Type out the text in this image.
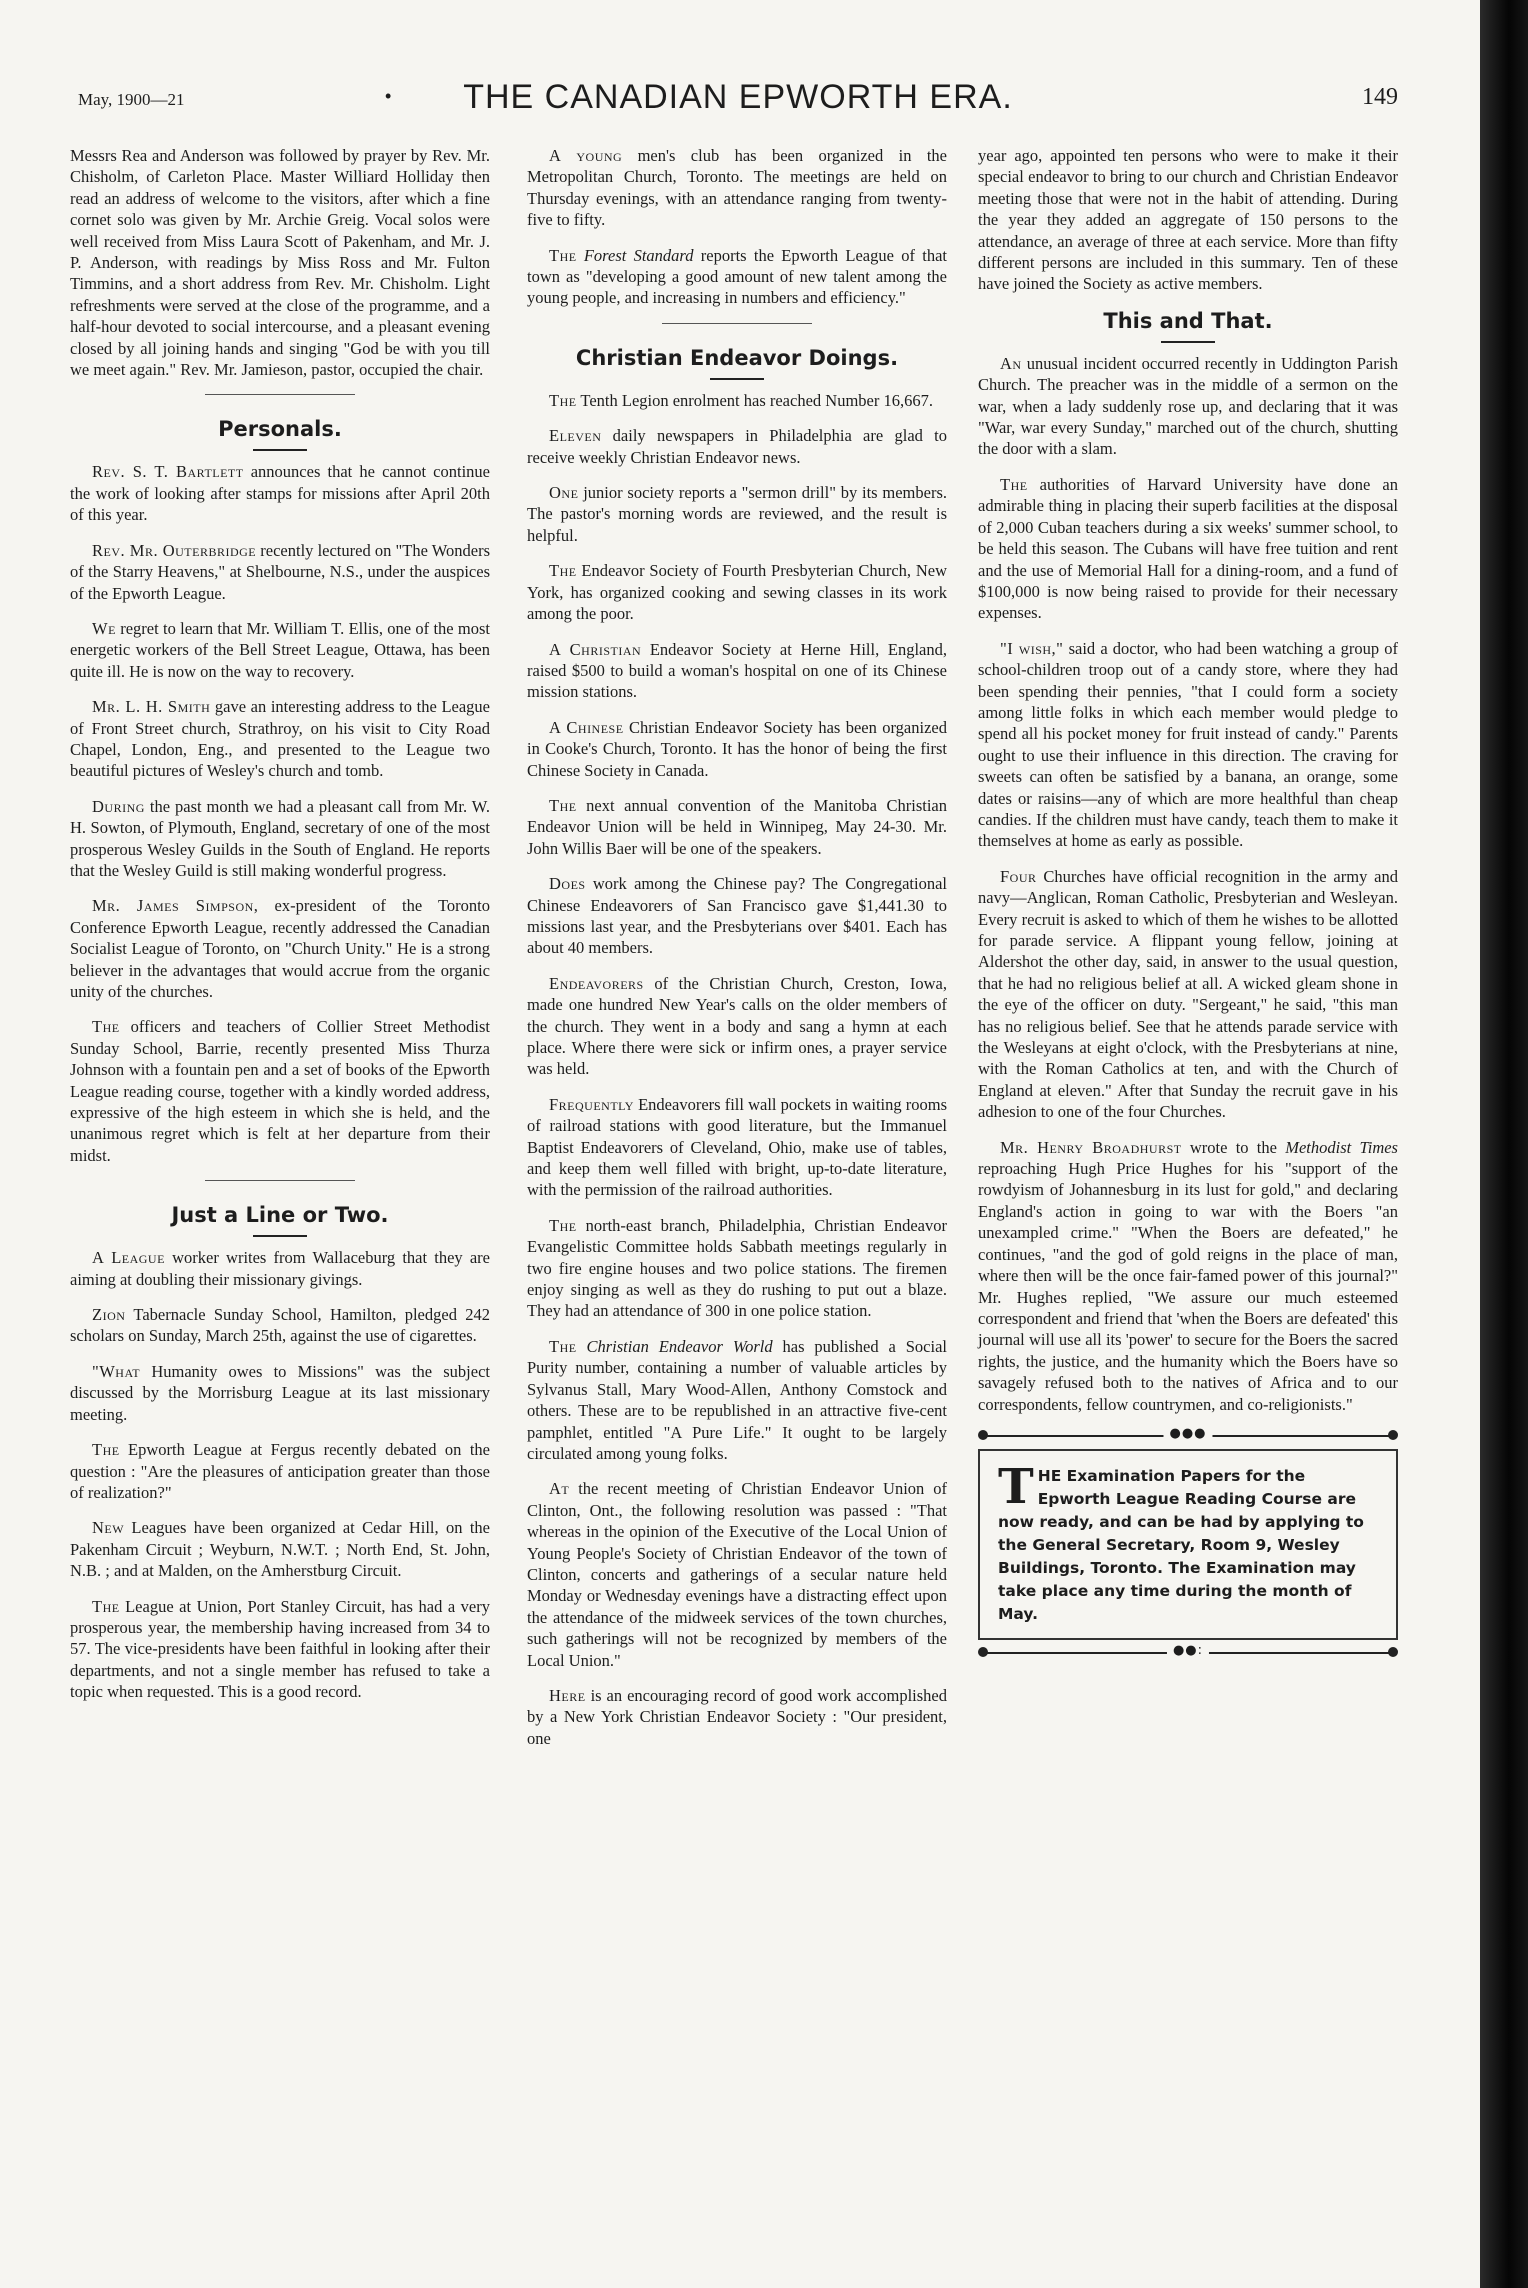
May, 1900—21	•	THE CANADIAN EPWORTH ERA.	149

Messrs Rea and Anderson was followed by prayer by Rev. Mr. Chisholm, of Carleton Place. Master Williard Holliday then read an address of welcome to the visitors, after which a fine cornet solo was given by Mr. Archie Greig. Vocal solos were well received from Miss Laura Scott of Pakenham, and Mr. J. P. Anderson, with readings by Miss Ross and Mr. Fulton Timmins, and a short address from Rev. Mr. Chisholm. Light refreshments were served at the close of the programme, and a half-hour devoted to social intercourse, and a pleasant evening closed by all joining hands and singing "God be with you till we meet again." Rev. Mr. Jamieson, pastor, occupied the chair.

Personals.

Rev. S. T. Bartlett announces that he cannot continue the work of looking after stamps for missions after April 20th of this year.

Rev. Mr. Outerbridge recently lectured on "The Wonders of the Starry Heavens," at Shelbourne, N.S., under the auspices of the Epworth League.

We regret to learn that Mr. William T. Ellis, one of the most energetic workers of the Bell Street League, Ottawa, has been quite ill. He is now on the way to recovery.

Mr. L. H. Smith gave an interesting address to the League of Front Street church, Strathroy, on his visit to City Road Chapel, London, Eng., and presented to the League two beautiful pictures of Wesley's church and tomb.

During the past month we had a pleasant call from Mr. W. H. Sowton, of Plymouth, England, secretary of one of the most prosperous Wesley Guilds in the South of England. He reports that the Wesley Guild is still making wonderful progress.

Mr. James Simpson, ex-president of the Toronto Conference Epworth League, recently addressed the Canadian Socialist League of Toronto, on "Church Unity." He is a strong believer in the advantages that would accrue from the organic unity of the churches.

The officers and teachers of Collier Street Methodist Sunday School, Barrie, recently presented Miss Thurza Johnson with a fountain pen and a set of books of the Epworth League reading course, together with a kindly worded address, expressive of the high esteem in which she is held, and the unanimous regret which is felt at her departure from their midst.

Just a Line or Two.

A League worker writes from Wallaceburg that they are aiming at doubling their missionary givings.

Zion Tabernacle Sunday School, Hamilton, pledged 242 scholars on Sunday, March 25th, against the use of cigarettes.

"What Humanity owes to Missions" was the subject discussed by the Morrisburg League at its last missionary meeting.

The Epworth League at Fergus recently debated on the question : "Are the pleasures of anticipation greater than those of realization?"

New Leagues have been organized at Cedar Hill, on the Pakenham Circuit ; Weyburn, N.W.T. ; North End, St. John, N.B. ; and at Malden, on the Amherstburg Circuit.

The League at Union, Port Stanley Circuit, has had a very prosperous year, the membership having increased from 34 to 57. The vice-presidents have been faithful in looking after their departments, and not a single member has refused to take a topic when requested. This is a good record.

A young men's club has been organized in the Metropolitan Church, Toronto. The meetings are held on Thursday evenings, with an attendance ranging from twenty-five to fifty.

The Forest Standard reports the Epworth League of that town as "developing a good amount of new talent among the young people, and increasing in numbers and efficiency."

Christian Endeavor Doings.

The Tenth Legion enrolment has reached Number 16,667.

Eleven daily newspapers in Philadelphia are glad to receive weekly Christian Endeavor news.

One junior society reports a "sermon drill" by its members. The pastor's morning words are reviewed, and the result is helpful.

The Endeavor Society of Fourth Presbyterian Church, New York, has organized cooking and sewing classes in its work among the poor.

A Christian Endeavor Society at Herne Hill, England, raised $500 to build a woman's hospital on one of its Chinese mission stations.

A Chinese Christian Endeavor Society has been organized in Cooke's Church, Toronto. It has the honor of being the first Chinese Society in Canada.

The next annual convention of the Manitoba Christian Endeavor Union will be held in Winnipeg, May 24-30. Mr. John Willis Baer will be one of the speakers.

Does work among the Chinese pay? The Congregational Chinese Endeavorers of San Francisco gave $1,441.30 to missions last year, and the Presbyterians over $401. Each has about 40 members.

Endeavorers of the Christian Church, Creston, Iowa, made one hundred New Year's calls on the older members of the church. They went in a body and sang a hymn at each place. Where there were sick or infirm ones, a prayer service was held.

Frequently Endeavorers fill wall pockets in waiting rooms of railroad stations with good literature, but the Immanuel Baptist Endeavorers of Cleveland, Ohio, make use of tables, and keep them well filled with bright, up-to-date literature, with the permission of the railroad authorities.

The north-east branch, Philadelphia, Christian Endeavor Evangelistic Committee holds Sabbath meetings regularly in two fire engine houses and two police stations. The firemen enjoy singing as well as they do rushing to put out a blaze. They had an attendance of 300 in one police station.

The Christian Endeavor World has published a Social Purity number, containing a number of valuable articles by Sylvanus Stall, Mary Wood-Allen, Anthony Comstock and others. These are to be republished in an attractive five-cent pamphlet, entitled "A Pure Life." It ought to be largely circulated among young folks.

At the recent meeting of Christian Endeavor Union of Clinton, Ont., the following resolution was passed : "That whereas in the opinion of the Executive of the Local Union of Young People's Society of Christian Endeavor of the town of Clinton, concerts and gatherings of a secular nature held Monday or Wednesday evenings have a distracting effect upon the attendance of the midweek services of the town churches, such gatherings will not be recognized by members of the Local Union."

Here is an encouraging record of good work accomplished by a New York Christian Endeavor Society : "Our president, one

year ago, appointed ten persons who were to make it their special endeavor to bring to our church and Christian Endeavor meeting those that were not in the habit of attending. During the year they added an aggregate of 150 persons to the attendance, an average of three at each service. More than fifty different persons are included in this summary. Ten of these have joined the Society as active members.

This and That.

An unusual incident occurred recently in Uddington Parish Church. The preacher was in the middle of a sermon on the war, when a lady suddenly rose up, and declaring that it was "War, war every Sunday," marched out of the church, shutting the door with a slam.

The authorities of Harvard University have done an admirable thing in placing their superb facilities at the disposal of 2,000 Cuban teachers during a six weeks' summer school, to be held this season. The Cubans will have free tuition and rent and the use of Memorial Hall for a dining-room, and a fund of $100,000 is now being raised to provide for their necessary expenses.

"I wish," said a doctor, who had been watching a group of school-children troop out of a candy store, where they had been spending their pennies, "that I could form a society among little folks in which each member would pledge to spend all his pocket money for fruit instead of candy." Parents ought to use their influence in this direction. The craving for sweets can often be satisfied by a banana, an orange, some dates or raisins—any of which are more healthful than cheap candies. If the children must have candy, teach them to make it themselves at home as early as possible.

Four Churches have official recognition in the army and navy—Anglican, Roman Catholic, Presbyterian and Wesleyan. Every recruit is asked to which of them he wishes to be allotted for parade service. A flippant young fellow, joining at Aldershot the other day, said, in answer to the usual question, that he had no religious belief at all. A wicked gleam shone in the eye of the officer on duty. "Sergeant," he said, "this man has no religious belief. See that he attends parade service with the Wesleyans at eight o'clock, with the Presbyterians at nine, with the Roman Catholics at ten, and with the Church of England at eleven." After that Sunday the recruit gave in his adhesion to one of the four Churches.

Mr. Henry Broadhurst wrote to the Methodist Times reproaching Hugh Price Hughes for his "support of the rowdyism of Johannesburg in its lust for gold," and declaring England's action in going to war with the Boers "an unexampled crime." "When the Boers are defeated," he continues, "and the god of gold reigns in the place of man, where then will be the once fair-famed power of this journal?" Mr. Hughes replied, "We assure our much esteemed correspondent and friend that 'when the Boers are defeated' this journal will use all its 'power' to secure for the Boers the sacred rights, the justice, and the humanity which the Boers have so savagely refused both to the natives of Africa and to our correspondents, fellow countrymen, and co-religionists."

●●●
T HE Examination Papers for the Epworth League Reading Course are now ready, and can be had by applying to the General Secretary, Room 9, Wesley Buildings, Toronto. The Examination may take place any time during the month of May.
●●:
